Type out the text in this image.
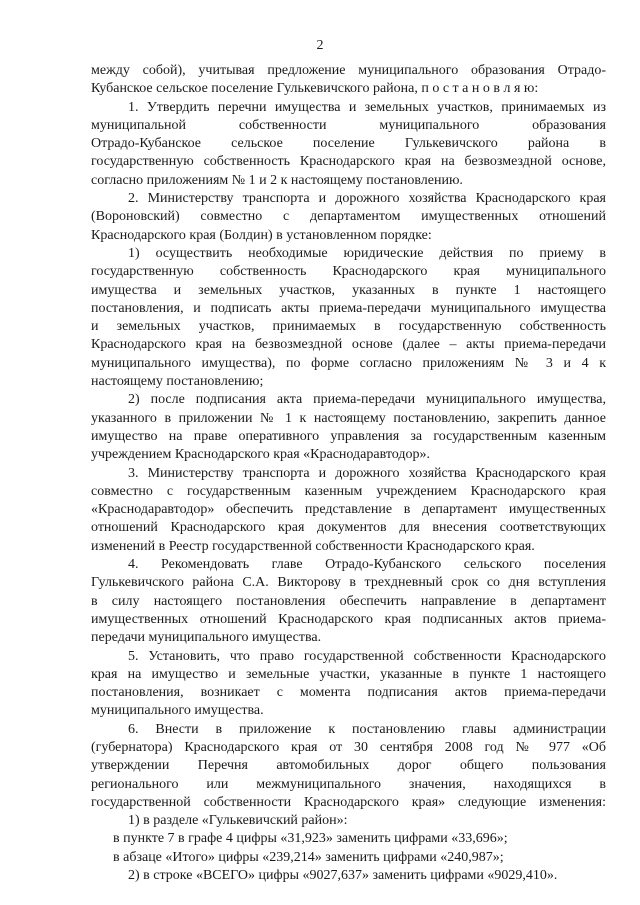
2
между собой), учитывая предложение муниципального образования Отрадо-
Кубанское сельское поселение Гулькевичского района, п о с т а н о в л я ю:
1. Утвердить перечни имущества и земельных участков, принимаемых из
муниципальной собственности муниципального образования
Отрадо-Кубанское сельское поселение Гулькевичского района в
государственную собственность Краснодарского края на безвозмездной основе,
согласно приложениям № 1 и 2 к настоящему постановлению.
2. Министерству транспорта и дорожного хозяйства Краснодарского края
(Вороновский) совместно с департаментом имущественных отношений
Краснодарского края (Болдин) в установленном порядке:
1) осуществить необходимые юридические действия по приему в
государственную собственность Краснодарского края муниципального
имущества и земельных участков, указанных в пункте 1 настоящего
постановления, и подписать акты приема-передачи муниципального имущества
и земельных участков, принимаемых в государственную собственность
Краснодарского края на безвозмездной основе (далее – акты приема-передачи
муниципального имущества), по форме согласно приложениям № 3 и 4 к
настоящему постановлению;
2) после подписания акта приема-передачи муниципального имущества,
указанного в приложении № 1 к настоящему постановлению, закрепить данное
имущество на праве оперативного управления за государственным казенным
учреждением Краснодарского края «Краснодаравтодор».
3. Министерству транспорта и дорожного хозяйства Краснодарского края
совместно с государственным казенным учреждением Краснодарского края
«Краснодаравтодор» обеспечить представление в департамент имущественных
отношений Краснодарского края документов для внесения соответствующих
изменений в Реестр государственной собственности Краснодарского края.
4. Рекомендовать главе Отрадо-Кубанского сельского поселения
Гулькевичского района С.А. Викторову в трехдневный срок со дня вступления
в силу настоящего постановления обеспечить направление в департамент
имущественных отношений Краснодарского края подписанных актов приема-
передачи муниципального имущества.
5. Установить, что право государственной собственности Краснодарского
края на имущество и земельные участки, указанные в пункте 1 настоящего
постановления, возникает с момента подписания актов приема-передачи
муниципального имущества.
6. Внести в приложение к постановлению главы администрации
(губернатора) Краснодарского края от 30 сентября 2008 год № 977 «Об
утверждении Перечня автомобильных дорог общего пользования
регионального или межмуниципального значения, находящихся в
государственной собственности Краснодарского края» следующие изменения:
1) в разделе «Гулькевичский район»:
в пункте 7 в графе 4 цифры «31,923» заменить цифрами «33,696»;
в абзаце «Итого» цифры «239,214» заменить цифрами «240,987»;
2) в строке «ВСЕГО» цифры «9027,637» заменить цифрами «9029,410».
